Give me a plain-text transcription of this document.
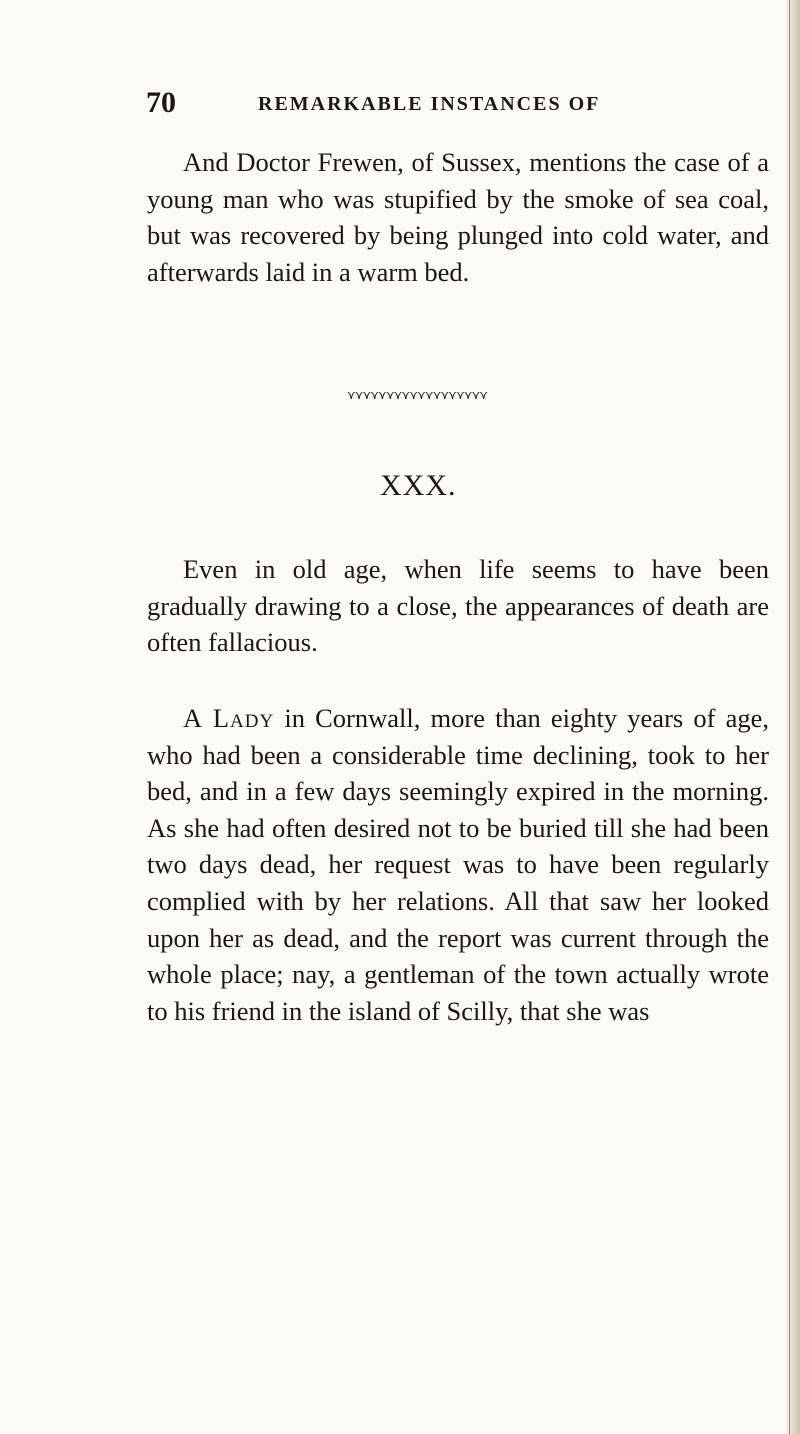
70	REMARKABLE INSTANCES OF

And Doctor Frewen, of Sussex, mentions the case of a young man who was stupified by the smoke of sea coal, but was recovered by being plunged into cold water, and afterwards laid in a warm bed.

⋎⋎⋎⋎⋎⋎⋎⋎⋎⋎⋎⋎⋎⋎⋎⋎⋎⋎
XXX.

Even in old age, when life seems to have been gradually drawing to a close, the appearances of death are often fallacious.

A Lady in Cornwall, more than eighty years of age, who had been a considerable time declining, took to her bed, and in a few days seemingly expired in the morning. As she had often desired not to be buried till she had been two days dead, her request was to have been regularly complied with by her relations. All that saw her looked upon her as dead, and the report was current through the whole place; nay, a gentleman of the town actually wrote to his friend in the island of Scilly, that she was
